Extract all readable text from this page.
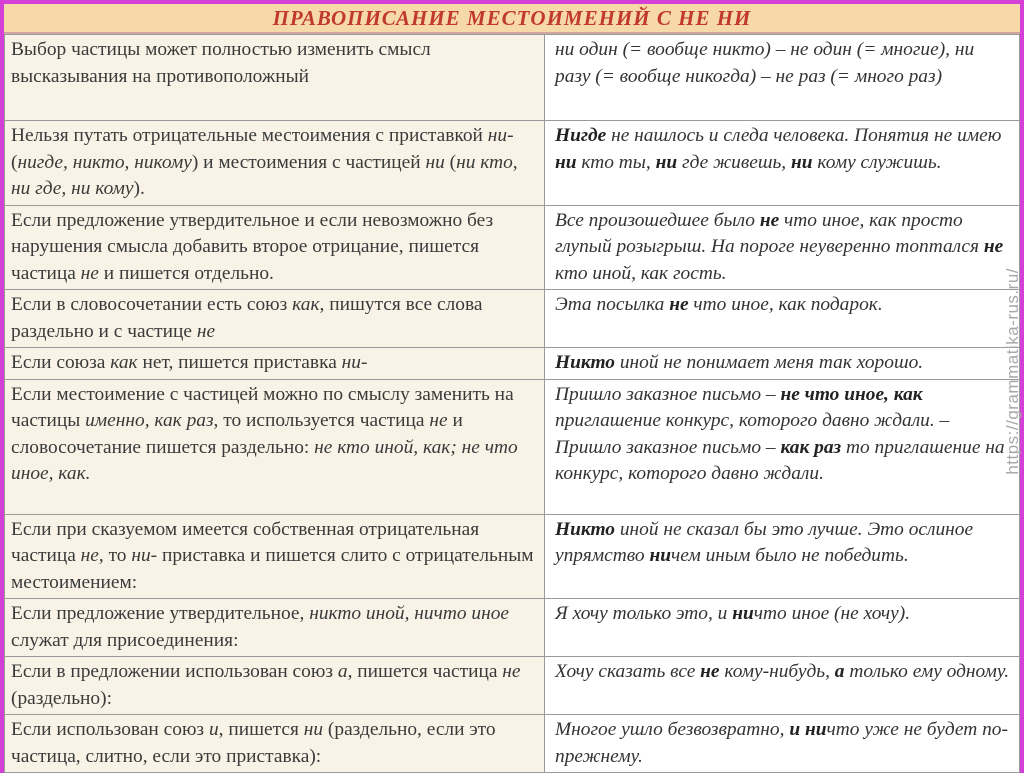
ПРАВОПИСАНИЕ МЕСТОИМЕНИЙ С НЕ НИ
Выбор частицы может полностью изменить смысл высказывания на противоположный	ни один (= вообще никто) – не один (= многие), ни разу (= вообще никогда) – не раз (= много раз)
Нельзя путать отрицательные местоимения с приставкой ни- (нигде, никто, никому) и местоимения с частицей ни (ни кто, ни где, ни кому).	Нигде не нашлось и следа человека. Понятия не имею ни кто ты, ни где живешь, ни кому служишь.
Если предложение утвердительное и если невозможно без нарушения смысла добавить второе отрицание, пишется частица не и пишется отдельно.	Все произошедшее было не что иное, как просто глупый розыгрыш. На пороге неуверенно топтался не кто иной, как гость.
Если в словосочетании есть союз как, пишутся все слова раздельно и с частице не	Эта посылка не что иное, как подарок.
Если союза как нет, пишется приставка ни-	Никто иной не понимает меня так хорошо.
Если местоимение с частицей можно по смыслу заменить на частицы именно, как раз, то используется частица не и словосочетание пишется раздельно: не кто иной, как; не что иное, как.	Пришло заказное письмо – не что иное, как приглашение конкурс, которого давно ждали. – Пришло заказное письмо – как раз то приглашение на конкурс, которого давно ждали.
Если при сказуемом имеется собственная отрицательная частица не, то ни- приставка и пишется слито с отрицательным местоимением:	Никто иной не сказал бы это лучше. Это ослиное упрямство ничем иным было не победить.
Если предложение утвердительное, никто иной, ничто иное служат для присоединения:	Я хочу только это, и ничто иное (не хочу).
Если в предложении использован союз а, пишется частица не (раздельно):	Хочу сказать все не кому-нибудь, а только ему одному.
Если использован союз и, пишется ни (раздельно, если это частица, слитно, если это приставка):	Многое ушло безвозвратно, и ничто уже не будет по-прежнему.
https://grammatika-rus.ru/
